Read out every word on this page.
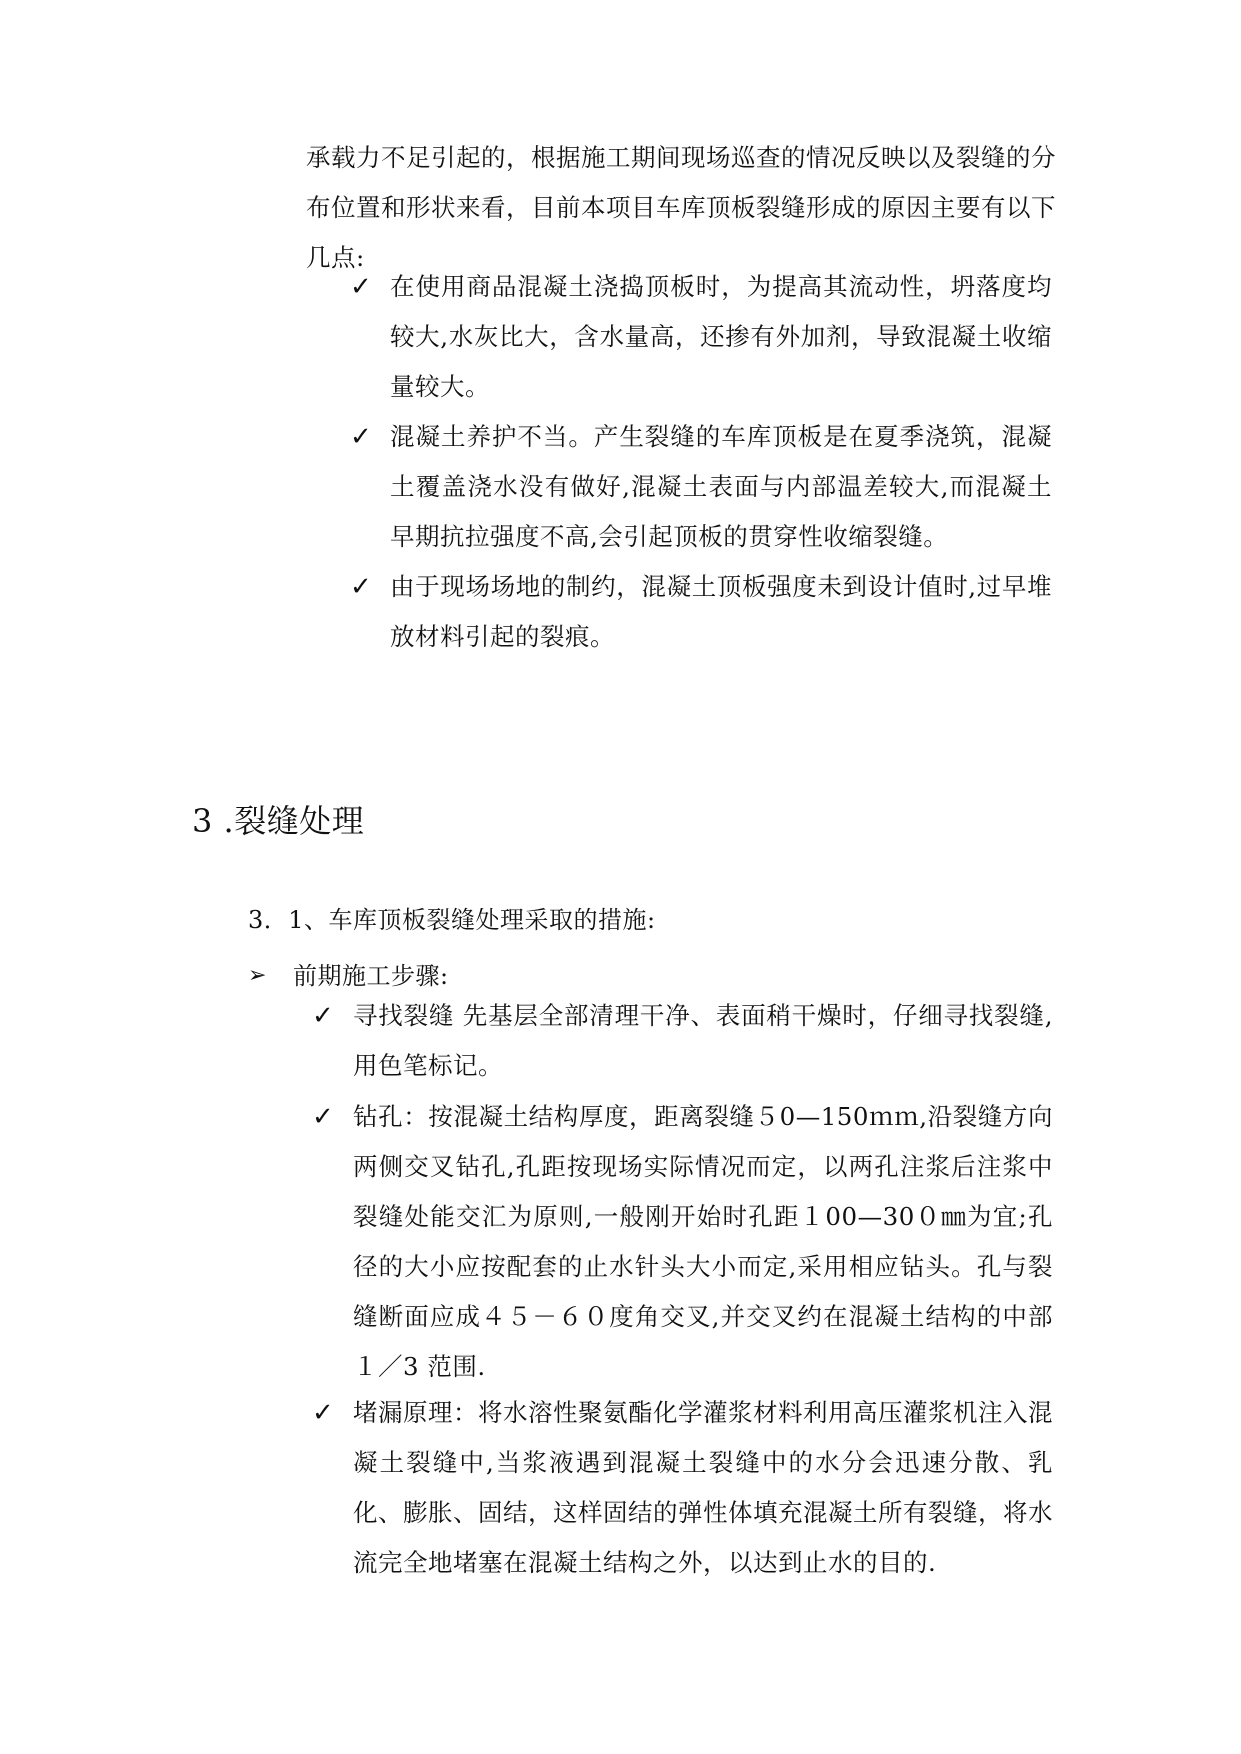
承载力不足引起的，根据施工期间现场巡查的情况反映以及裂缝的分布位置和形状来看，目前本项目车库顶板裂缝形成的原因主要有以下几点:

✓ 在使用商品混凝土浇捣顶板时，为提高其流动性，坍落度均较大,水灰比大，含水量高，还掺有外加剂，导致混凝土收缩量较大。
✓ 混凝土养护不当。产生裂缝的车库顶板是在夏季浇筑，混凝土覆盖浇水没有做好,混凝土表面与内部温差较大,而混凝土早期抗拉强度不高,会引起顶板的贯穿性收缩裂缝。
✓ 由于现场场地的制约，混凝土顶板强度未到设计值时,过早堆放材料引起的裂痕。
3 .裂缝处理
3．1、车库顶板裂缝处理采取的措施:
➢ 前期施工步骤:
✓ 寻找裂缝 先基层全部清理干净、表面稍干燥时，仔细寻找裂缝,用色笔标记。
✓ 钻孔：按混凝土结构厚度，距离裂缝５0—150ｍｍ,沿裂缝方向两侧交叉钻孔,孔距按现场实际情况而定，以两孔注浆后注浆中裂缝处能交汇为原则,一般刚开始时孔距１00—30０㎜为宜;孔径的大小应按配套的止水针头大小而定,采用相应钻头。孔与裂缝断面应成４５－６０度角交叉,并交叉约在混凝土结构的中部１／3 范围.
✓ 堵漏原理：将水溶性聚氨酯化学灌浆材料利用高压灌浆机注入混凝土裂缝中,当浆液遇到混凝土裂缝中的水分会迅速分散、乳化、膨胀、固结，这样固结的弹性体填充混凝土所有裂缝，将水流完全地堵塞在混凝土结构之外，以达到止水的目的.
